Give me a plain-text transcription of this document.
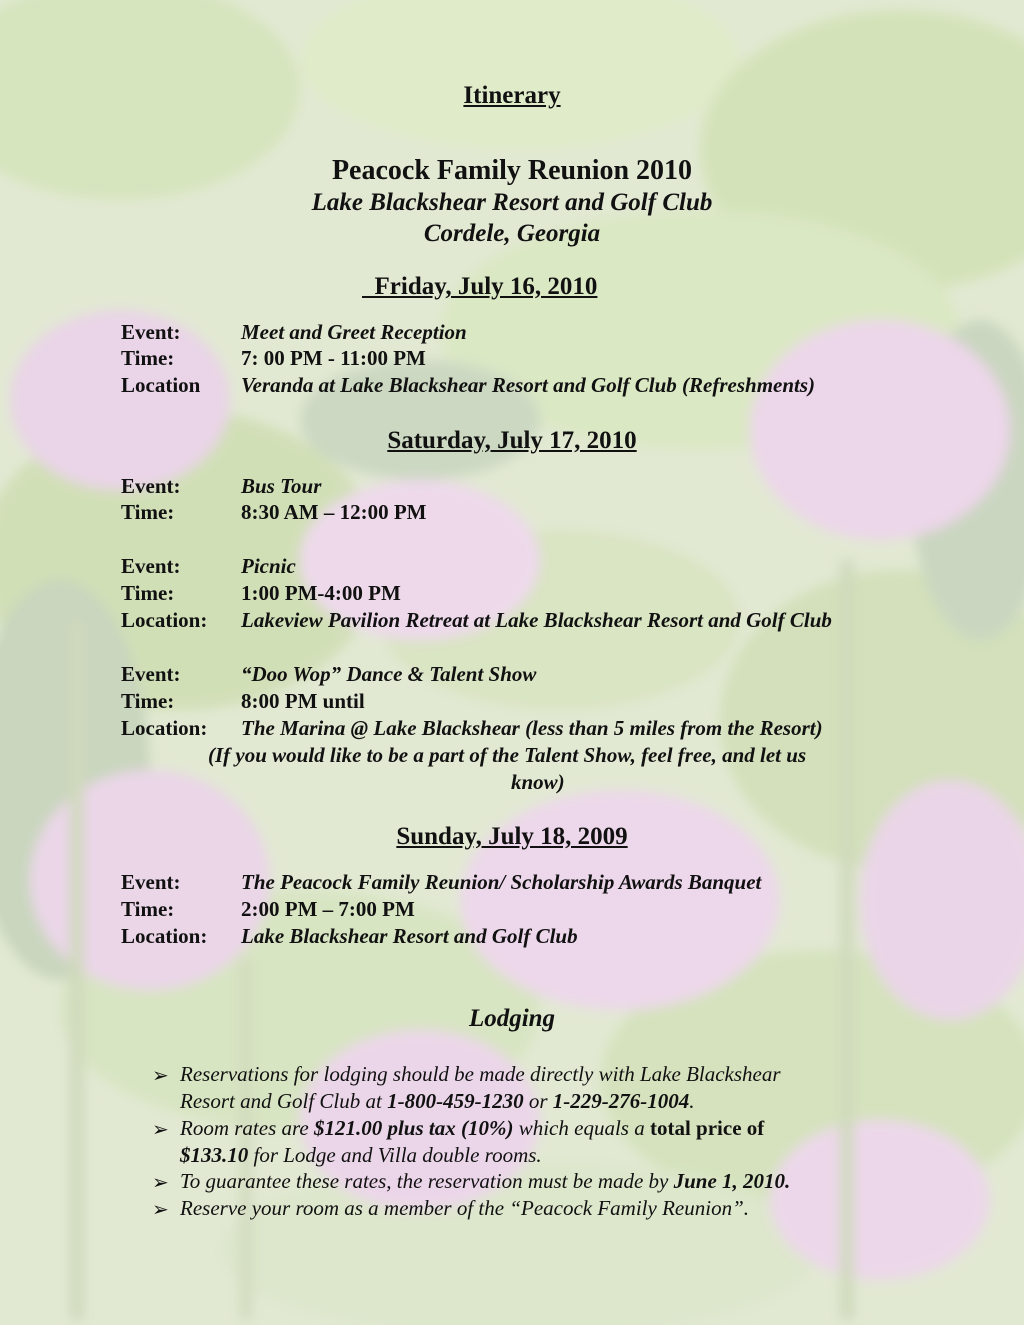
Itinerary
Peacock Family Reunion 2010
Lake Blackshear Resort and Golf Club
Cordele, Georgia
Friday, July 16, 2010
Event:	Meet and Greet Reception
Time:	7: 00 PM - 11:00 PM
Location Veranda at Lake Blackshear Resort and Golf Club (Refreshments)
Saturday, July 17, 2010
Event:	Bus Tour
Time:	8:30 AM – 12:00 PM
Event:	Picnic
Time:	1:00 PM-4:00 PM
Location: Lakeview Pavilion Retreat at Lake Blackshear Resort and Golf Club
Event:	“Doo Wop” Dance & Talent Show
Time:	8:00 PM until
Location: The Marina @ Lake Blackshear (less than 5 miles from the Resort)
(If you would like to be a part of the Talent Show, feel free, and let us
know)
Sunday, July 18, 2009
Event:	The Peacock Family Reunion/ Scholarship Awards Banquet
Time:	2:00 PM – 7:00 PM
Location: Lake Blackshear Resort and Golf Club
Lodging
➢ Reservations for lodging should be made directly with Lake Blackshear
Resort and Golf Club at 1-800-459-1230 or 1-229-276-1004.
➢ Room rates are $121.00 plus tax (10%) which equals a total price of
$133.10 for Lodge and Villa double rooms.
➢ To guarantee these rates, the reservation must be made by June 1, 2010.
➢ Reserve your room as a member of the “Peacock Family Reunion”.
